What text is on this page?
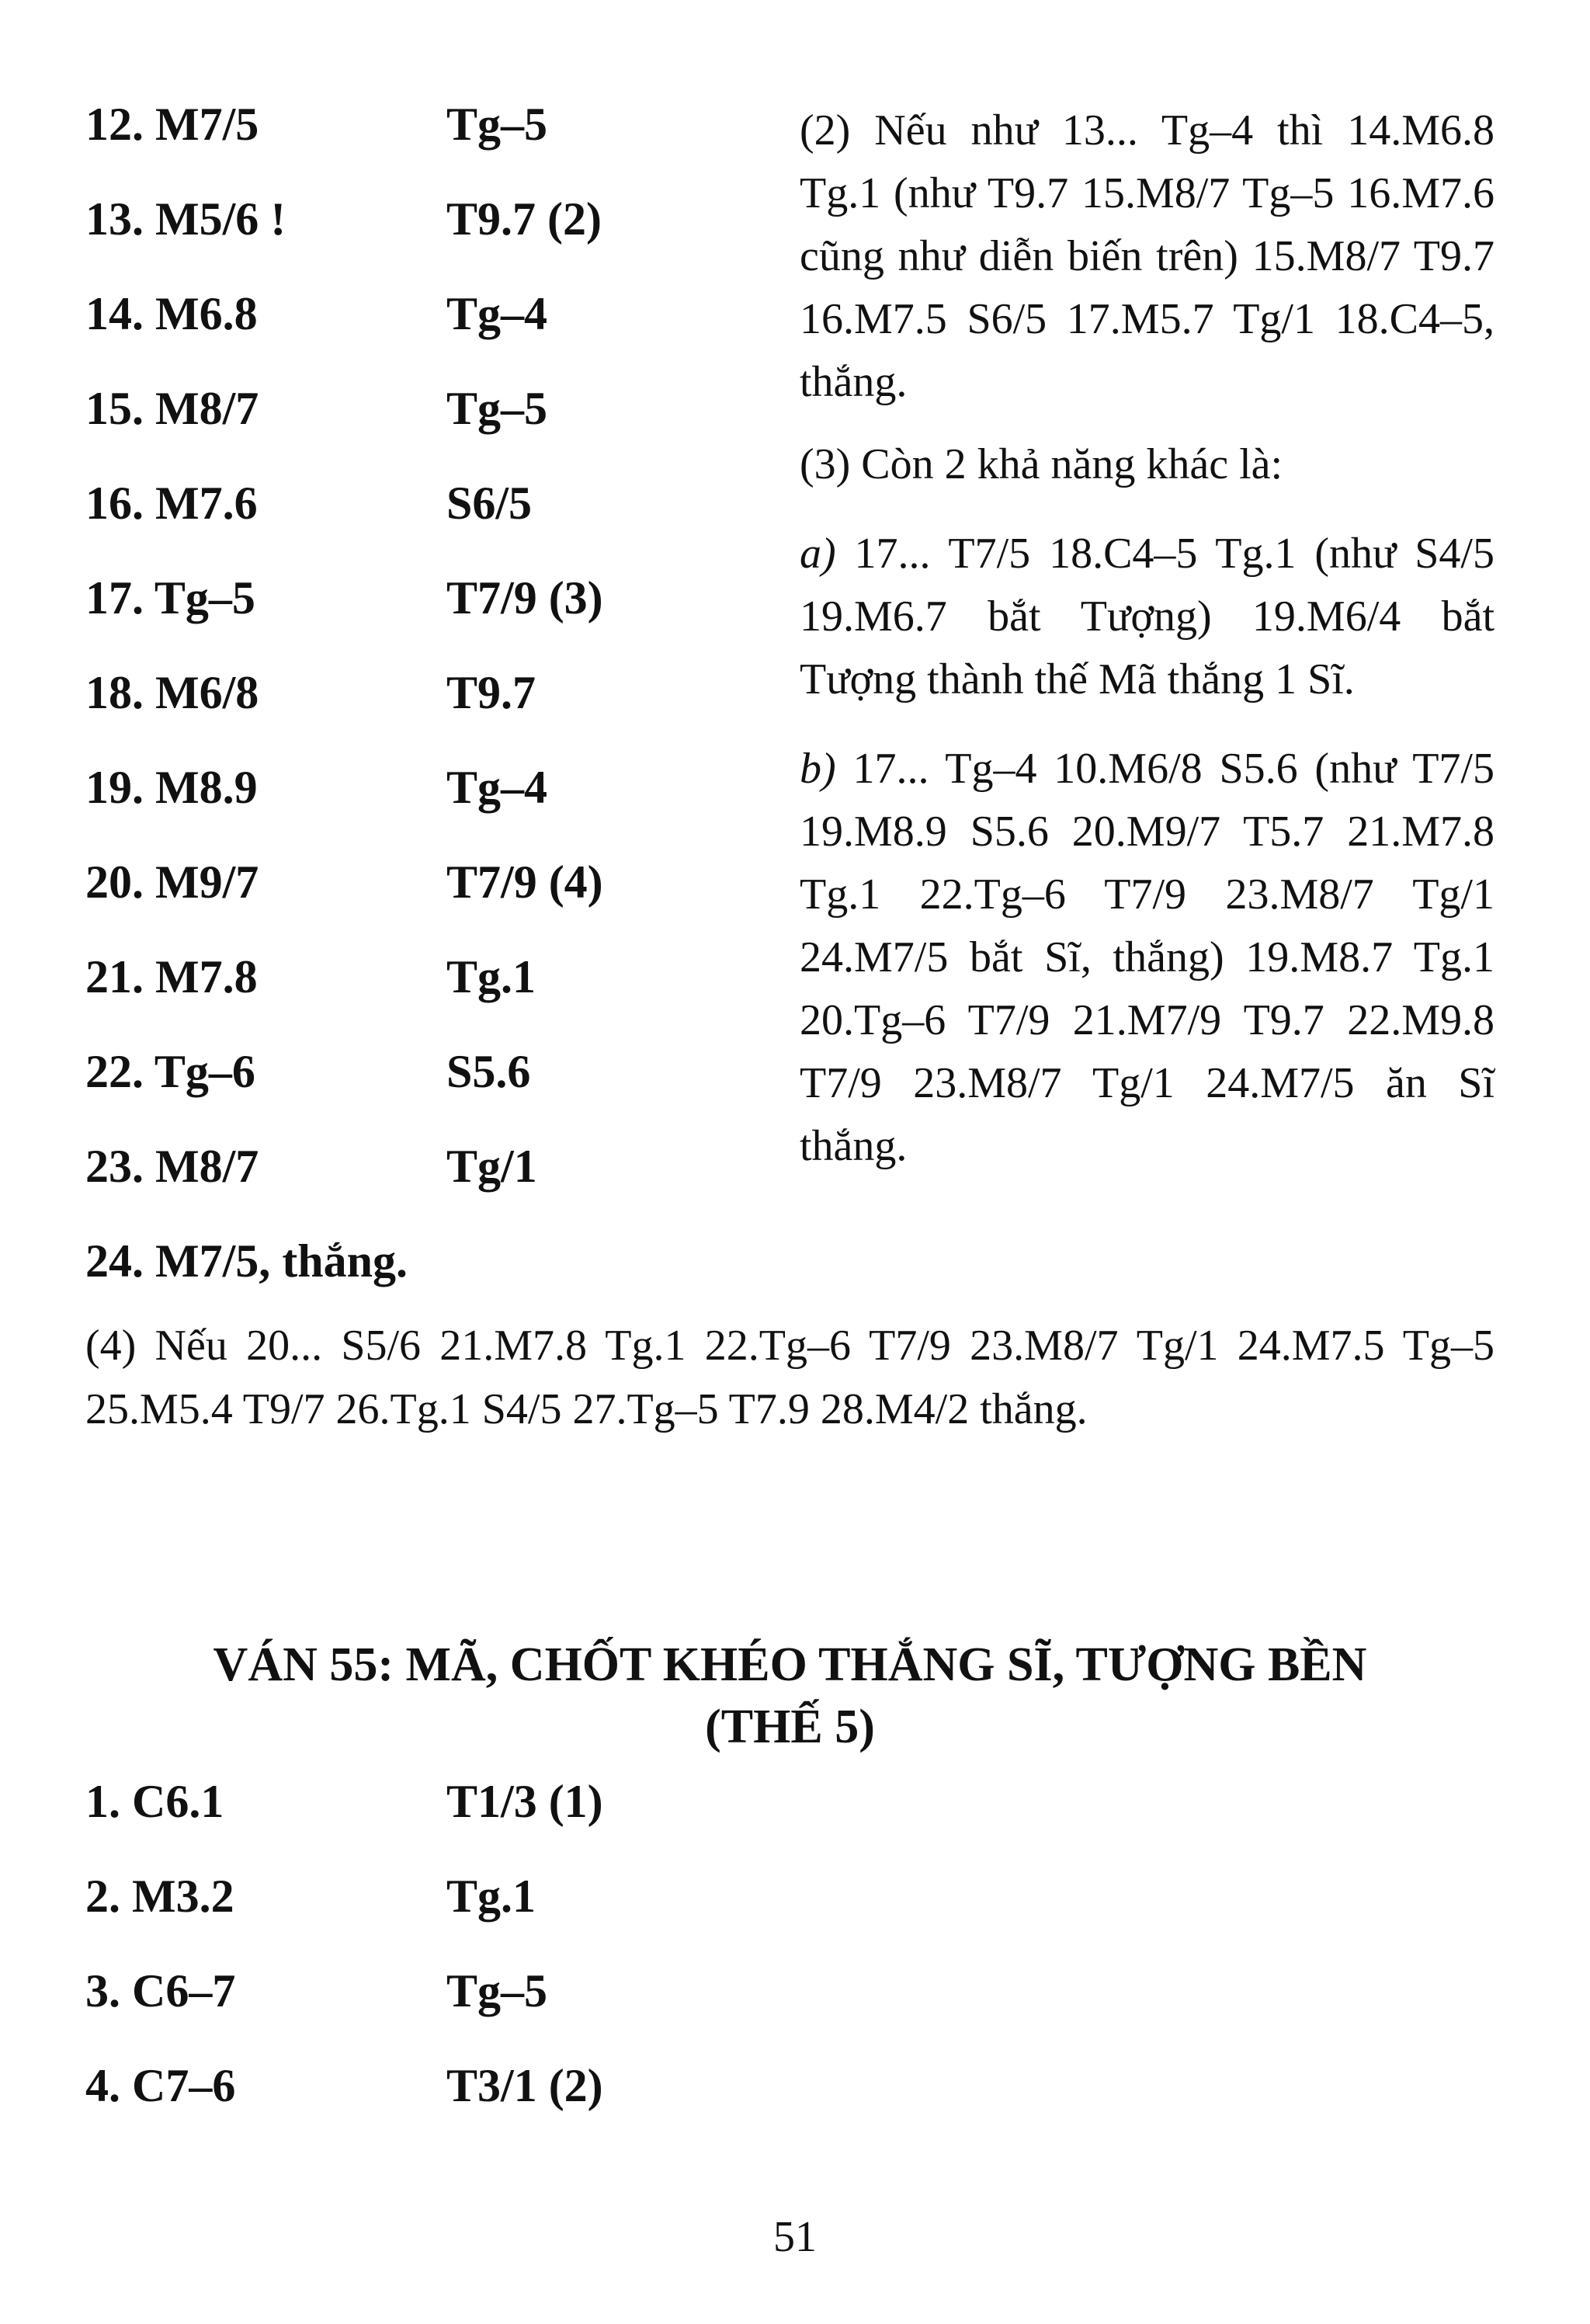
12. M7/5	Tg–5
13. M5/6 !	T9.7 (2)
14. M6.8	Tg–4
15. M8/7	Tg–5
16. M7.6	S6/5
17. Tg–5	T7/9 (3)
18. M6/8	T9.7
19. M8.9	Tg–4
20. M9/7	T7/9 (4)
21. M7.8	Tg.1
22. Tg–6	S5.6
23. M8/7	Tg/1
24. M7/5, thắng.
(2) Nếu như 13... Tg–4 thì 14.M6.8 Tg.1 (như T9.7 15.M8/7 Tg–5 16.M7.6 cũng như diễn biến trên) 15.M8/7 T9.7 16.M7.5 S6/5 17.M5.7 Tg/1 18.C4–5, thắng.
(3) Còn 2 khả năng khác là:
a) 17... T7/5 18.C4–5 Tg.1 (như S4/5 19.M6.7 bắt Tượng) 19.M6/4 bắt Tượng thành thế Mã thắng 1 Sĩ.
b) 17... Tg–4 10.M6/8 S5.6 (như T7/5 19.M8.9 S5.6 20.M9/7 T5.7 21.M7.8 Tg.1 22.Tg–6 T7/9 23.M8/7 Tg/1 24.M7/5 bắt Sĩ, thắng) 19.M8.7 Tg.1 20.Tg–6 T7/9 21.M7/9 T9.7 22.M9.8 T7/9 23.M8/7 Tg/1 24.M7/5 ăn Sĩ thắng.
(4) Nếu 20... S5/6 21.M7.8 Tg.1 22.Tg–6 T7/9 23.M8/7 Tg/1 24.M7.5 Tg–5 25.M5.4 T9/7 26.Tg.1 S4/5 27.Tg–5 T7.9 28.M4/2 thắng.
VÁN 55: MÃ, CHỐT KHÉO THẮNG SĨ, TƯỢNG BỀN
(THẾ 5)
1. C6.1	T1/3 (1)
2. M3.2	Tg.1
3. C6–7	Tg–5
4. C7–6	T3/1 (2)
51
